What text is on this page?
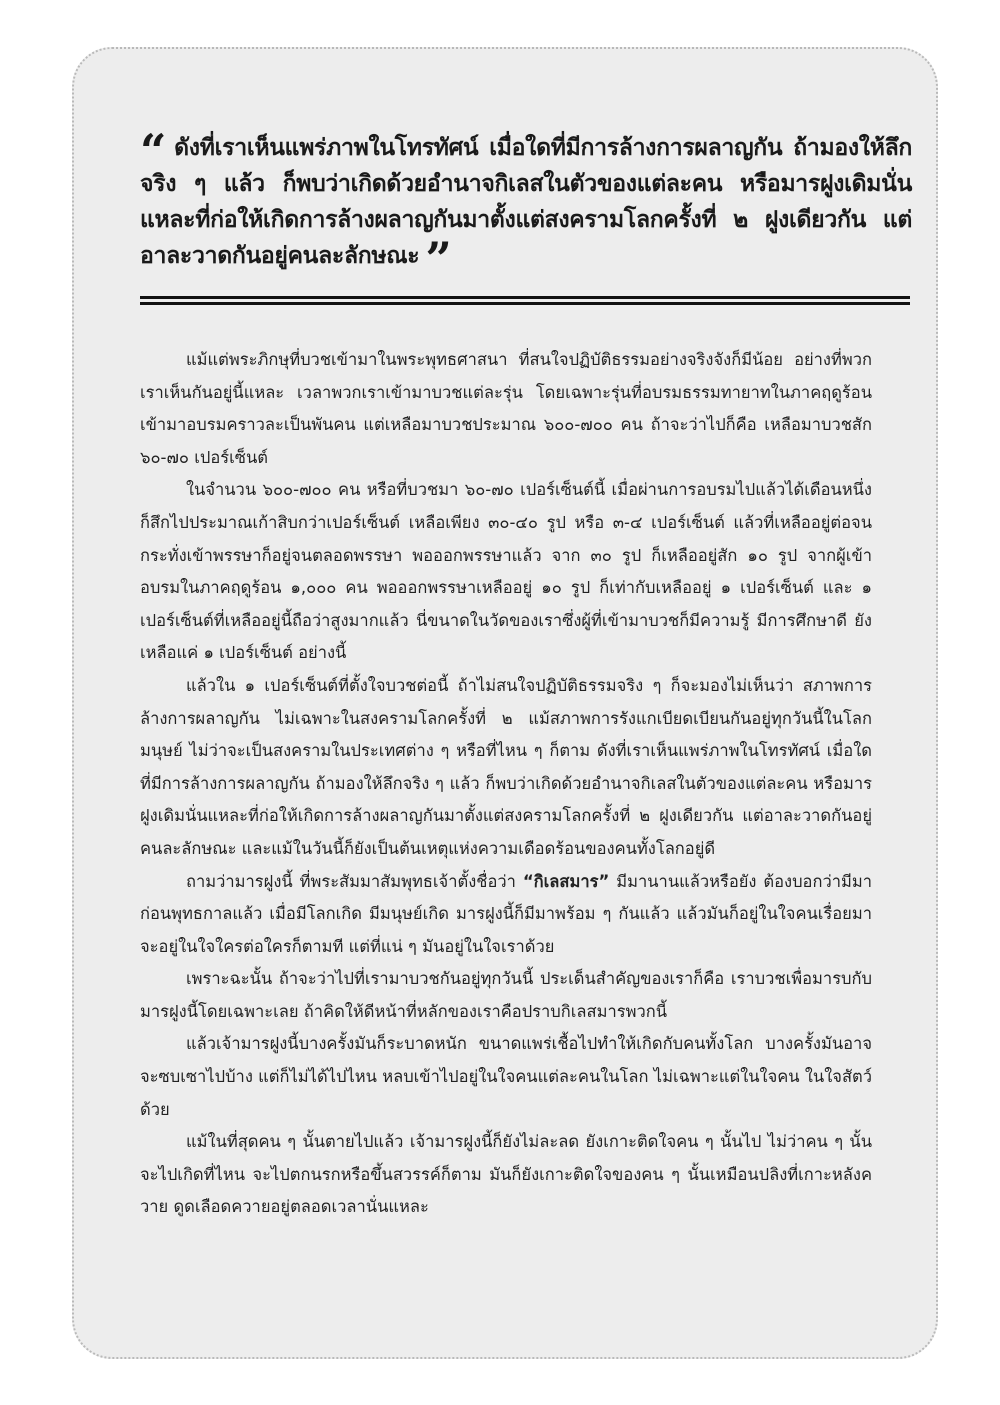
“ ดังที่เราเห็นแพร่ภาพในโทรทัศน์ เมื่อใดที่มีการล้างการผลาญกัน ถ้ามองให้ลึกจริง ๆ แล้ว ก็พบว่าเกิดด้วยอำนาจกิเลสในตัวของแต่ละคน หรือมารฝูงเดิมนั่นแหละที่ก่อให้เกิดการล้างผลาญกันมาตั้งแต่สงครามโลกครั้งที่ ๒ ฝูงเดียวกัน แต่อาละวาดกันอยู่คนละลักษณะ ”

แม้แต่พระภิกษุที่บวชเข้ามาในพระพุทธศาสนา ที่สนใจปฏิบัติธรรมอย่างจริงจังก็มีน้อย อย่างที่พวกเราเห็นกันอยู่นี้แหละ เวลาพวกเราเข้ามาบวชแต่ละรุ่น โดยเฉพาะรุ่นที่อบรมธรรมทายาทในภาคฤดูร้อน เข้ามาอบรมคราวละเป็นพันคน แต่เหลือมาบวชประมาณ ๖๐๐-๗๐๐ คน ถ้าจะว่าไปก็คือ เหลือมาบวชสัก ๖๐-๗๐ เปอร์เซ็นต์

ในจำนวน ๖๐๐-๗๐๐ คน หรือที่บวชมา ๖๐-๗๐ เปอร์เซ็นต์นี้ เมื่อผ่านการอบรมไปแล้วได้เดือนหนึ่ง ก็สึกไปประมาณเก้าสิบกว่าเปอร์เซ็นต์ เหลือเพียง ๓๐-๔๐ รูป หรือ ๓-๔ เปอร์เซ็นต์ แล้วที่เหลืออยู่ต่อจนกระทั่งเข้าพรรษาก็อยู่จนตลอดพรรษา พอออกพรรษาแล้ว จาก ๓๐ รูป ก็เหลืออยู่สัก ๑๐ รูป จากผู้เข้าอบรมในภาคฤดูร้อน ๑,๐๐๐ คน พอออกพรรษาเหลืออยู่ ๑๐ รูป ก็เท่ากับเหลืออยู่ ๑ เปอร์เซ็นต์ และ ๑ เปอร์เซ็นต์ที่เหลืออยู่นี้ถือว่าสูงมากแล้ว นี่ขนาดในวัดของเราซึ่งผู้ที่เข้ามาบวชก็มีความรู้ มีการศึกษาดี ยังเหลือแค่ ๑ เปอร์เซ็นต์ อย่างนี้

แล้วใน ๑ เปอร์เซ็นต์ที่ตั้งใจบวชต่อนี้ ถ้าไม่สนใจปฏิบัติธรรมจริง ๆ ก็จะมองไม่เห็นว่า สภาพการล้างการผลาญกัน ไม่เฉพาะในสงครามโลกครั้งที่ ๒ แม้สภาพการรังแกเบียดเบียนกันอยู่ทุกวันนี้ในโลกมนุษย์ ไม่ว่าจะเป็นสงครามในประเทศต่าง ๆ หรือที่ไหน ๆ ก็ตาม ดังที่เราเห็นแพร่ภาพในโทรทัศน์ เมื่อใดที่มีการล้างการผลาญกัน ถ้ามองให้ลึกจริง ๆ แล้ว ก็พบว่าเกิดด้วยอำนาจกิเลสในตัวของแต่ละคน หรือมารฝูงเดิมนั่นแหละที่ก่อให้เกิดการล้างผลาญกันมาตั้งแต่สงครามโลกครั้งที่ ๒ ฝูงเดียวกัน แต่อาละวาดกันอยู่คนละลักษณะ และแม้ในวันนี้ก็ยังเป็นต้นเหตุแห่งความเดือดร้อนของคนทั้งโลกอยู่ดี

ถามว่ามารฝูงนี้ ที่พระสัมมาสัมพุทธเจ้าตั้งชื่อว่า “กิเลสมาร” มีมานานแล้วหรือยัง ต้องบอกว่ามีมาก่อนพุทธกาลแล้ว เมื่อมีโลกเกิด มีมนุษย์เกิด มารฝูงนี้ก็มีมาพร้อม ๆ กันแล้ว แล้วมันก็อยู่ในใจคนเรื่อยมา จะอยู่ในใจใครต่อใครก็ตามที แต่ที่แน่ ๆ มันอยู่ในใจเราด้วย

เพราะฉะนั้น ถ้าจะว่าไปที่เรามาบวชกันอยู่ทุกวันนี้ ประเด็นสำคัญของเราก็คือ เราบวชเพื่อมารบกับมารฝูงนี้โดยเฉพาะเลย ถ้าคิดให้ดีหน้าที่หลักของเราคือปราบกิเลสมารพวกนี้

แล้วเจ้ามารฝูงนี้บางครั้งมันก็ระบาดหนัก ขนาดแพร่เชื้อไปทำให้เกิดกับคนทั้งโลก บางครั้งมันอาจจะซบเซาไปบ้าง แต่ก็ไม่ได้ไปไหน หลบเข้าไปอยู่ในใจคนแต่ละคนในโลก ไม่เฉพาะแต่ในใจคน ในใจสัตว์ด้วย

แม้ในที่สุดคน ๆ นั้นตายไปแล้ว เจ้ามารฝูงนี้ก็ยังไม่ละลด ยังเกาะติดใจคน ๆ นั้นไป ไม่ว่าคน ๆ นั้นจะไปเกิดที่ไหน จะไปตกนรกหรือขึ้นสวรรค์ก็ตาม มันก็ยังเกาะติดใจของคน ๆ นั้นเหมือนปลิงที่เกาะหลังควาย ดูดเลือดควายอยู่ตลอดเวลานั่นแหละ
